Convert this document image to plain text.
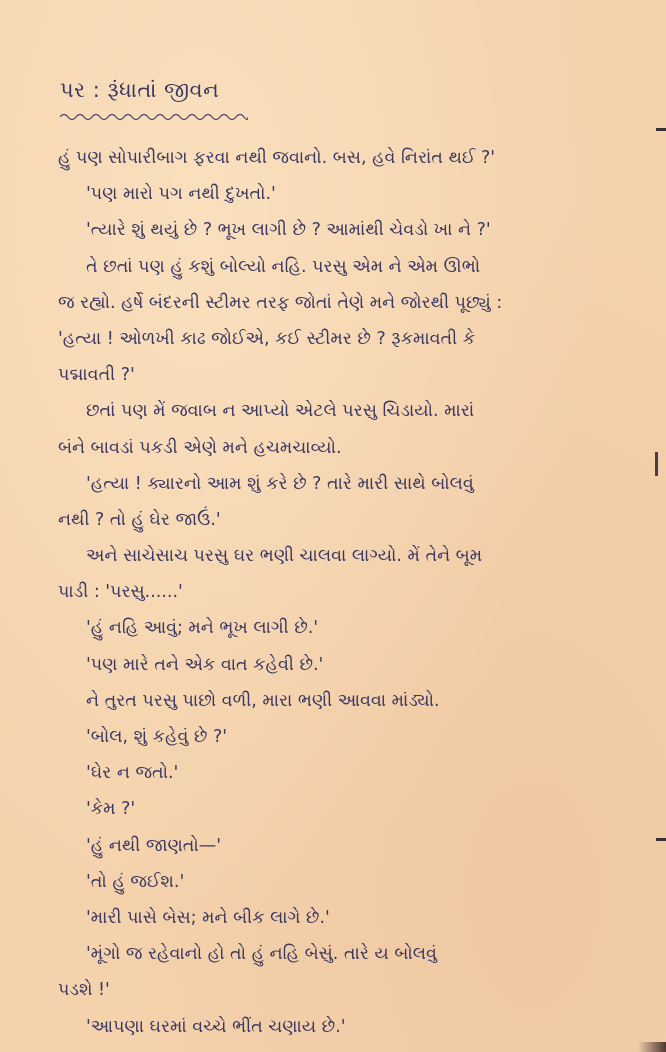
પર : રૂંધાતાં જીવન
હું પણ સોપારીબાગ ફરવા નથી જવાનો. બસ, હવે નિરાંત થઈ ?'
'પણ મારો પગ નથી દુખતો.'
'ત્યારે શું થયું છે ? ભૂખ લાગી છે ? આમાંથી ચેવડો ખા ને ?'
તે છતાં પણ હું કશું બોલ્યો નહિ. પરસુ એમ ને એમ ઊભો
જ રહ્યો. હર્ષે બંદરની સ્ટીમર તરફ જોતાં તેણે મને જોરથી પૂછ્યું :
'હત્યા ! ઓળખી કાઢ જોઈએ, કઈ સ્ટીમર છે ? રૂકમાવતી કે
પદ્માવતી ?'
છતાં પણ મેં જવાબ ન આપ્યો એટલે પરસુ ચિડાયો. મારાં
બંને બાવડાં પકડી એણે મને હચમચાવ્યો.
'હત્યા ! ક્યારનો આમ શું કરે છે ? તારે મારી સાથે બોલવું
નથી ? તો હું ઘેર જાઉં.'
અને સાચેસાચ પરસુ ઘર ભણી ચાલવા લાગ્યો. મેં તેને બૂમ
પાડી : 'પરસુ......'
'હું નહિ આવું; મને ભૂખ લાગી છે.'
'પણ મારે તને એક વાત કહેવી છે.'
ને તુરત પરસુ પાછો વળી, મારા ભણી આવવા માંડ્યો.
'બોલ, શું કહેવું છે ?'
'ઘેર ન જતો.'
'કેમ ?'
'હું નથી જાણતો—'
'તો હું જઈશ.'
'મારી પાસે બેસ; મને બીક લાગે છે.'
'મૂંગો જ રહેવાનો હો તો હું નહિ બેસું. તારે ય બોલવું
પડશે !'
'આપણા ઘરમાં વચ્ચે ભીંત ચણાય છે.'
